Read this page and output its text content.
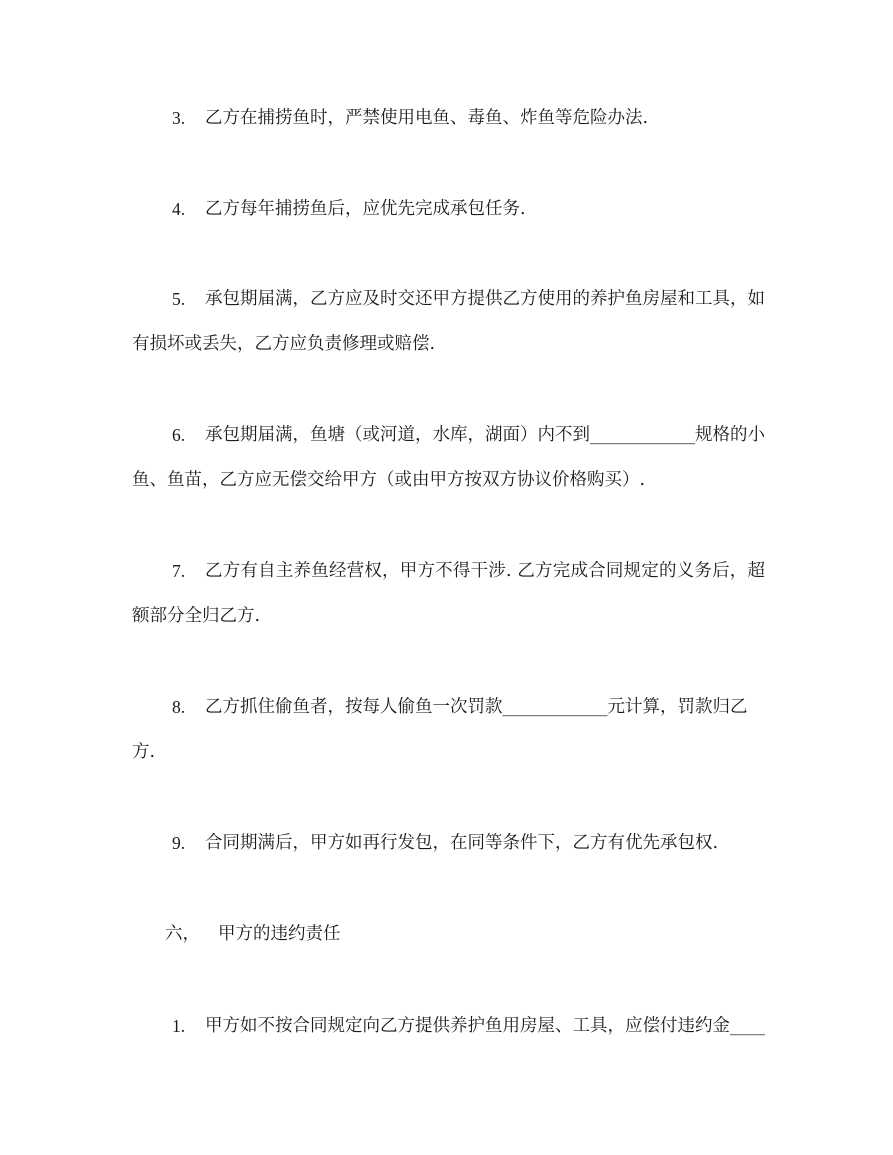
3. 乙方在捕捞鱼时，严禁使用电鱼、毒鱼、炸鱼等危险办法.
4. 乙方每年捕捞鱼后，应优先完成承包任务.
5. 承包期届满，乙方应及时交还甲方提供乙方使用的养护鱼房屋和工具，如
有损坏或丢失，乙方应负责修理或赔偿.
6. 承包期届满，鱼塘（或河道，水库，湖面）内不到____________规格的小
鱼、鱼苗，乙方应无偿交给甲方（或由甲方按双方协议价格购买）.
7. 乙方有自主养鱼经营权，甲方不得干涉. 乙方完成合同规定的义务后，超
额部分全归乙方.
8. 乙方抓住偷鱼者，按每人偷鱼一次罚款____________元计算，罚款归乙
方.
9. 合同期满后，甲方如再行发包，在同等条件下，乙方有优先承包权.
六， 甲方的违约责任
1. 甲方如不按合同规定向乙方提供养护鱼用房屋、工具，应偿付违约金____
